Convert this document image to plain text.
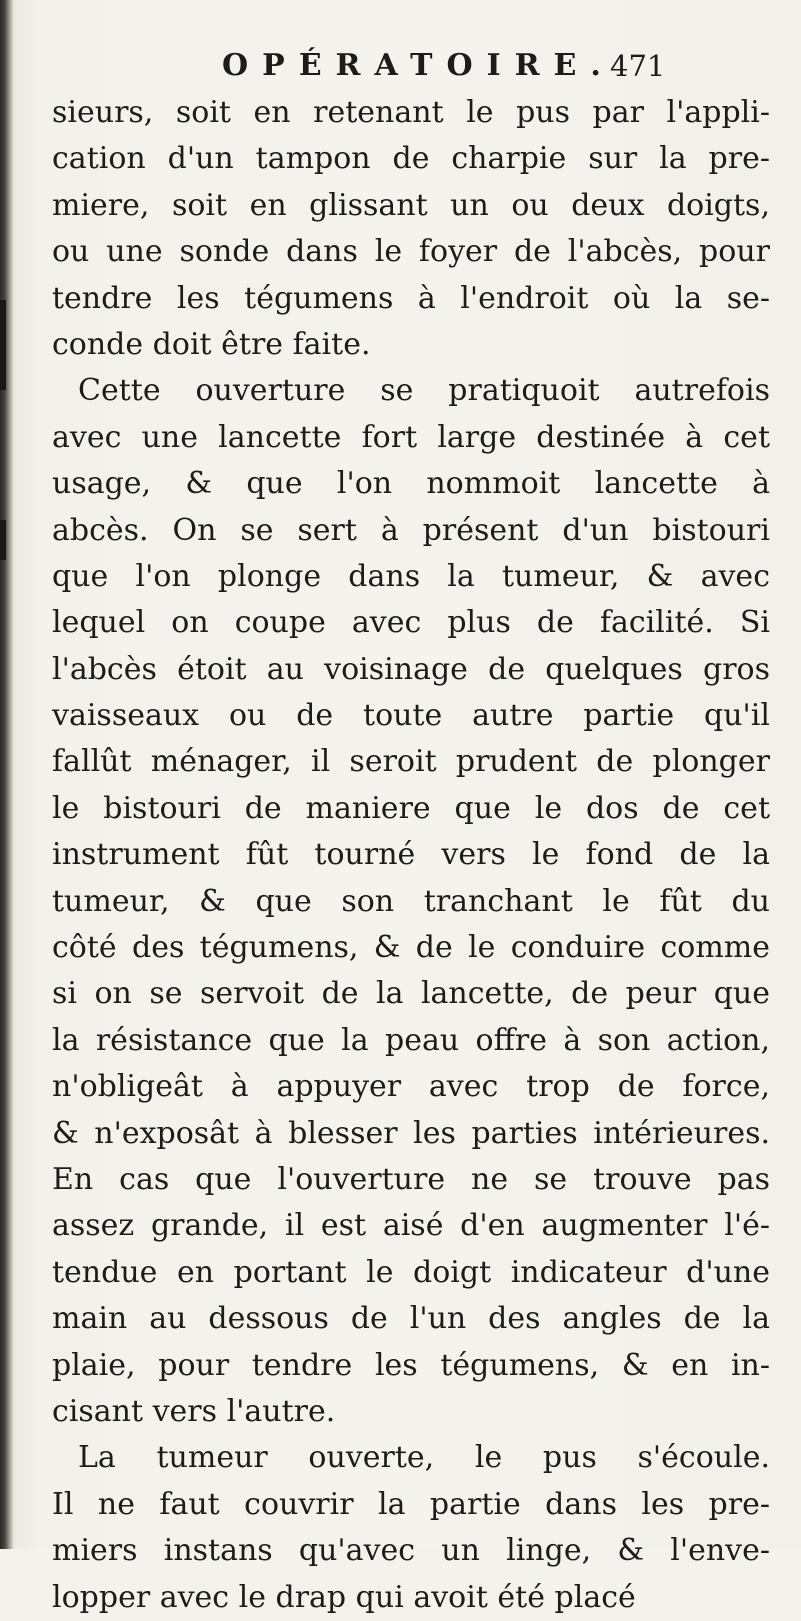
OPÉRATOIRE.
471
sieurs, soit en retenant le pus par l'appli-
cation d'un tampon de charpie sur la pre-
miere, soit en glissant un ou deux doigts,
ou une sonde dans le foyer de l'abcès, pour
tendre les tégumens à l'endroit où la se-
conde doit être faite.
Cette ouverture se pratiquoit autrefois
avec une lancette fort large destinée à cet
usage, & que l'on nommoit lancette à
abcès. On se sert à présent d'un bistouri
que l'on plonge dans la tumeur, & avec
lequel on coupe avec plus de facilité. Si
l'abcès étoit au voisinage de quelques gros
vaisseaux ou de toute autre partie qu'il
fallût ménager, il seroit prudent de plonger
le bistouri de maniere que le dos de cet
instrument fût tourné vers le fond de la
tumeur, & que son tranchant le fût du
côté des tégumens, & de le conduire comme
si on se servoit de la lancette, de peur que
la résistance que la peau offre à son action,
n'obligeât à appuyer avec trop de force,
& n'exposât à blesser les parties intérieures.
En cas que l'ouverture ne se trouve pas
assez grande, il est aisé d'en augmenter l'é-
tendue en portant le doigt indicateur d'une
main au dessous de l'un des angles de la
plaie, pour tendre les tégumens, & en in-
cisant vers l'autre.
La tumeur ouverte, le pus s'écoule.
Il ne faut couvrir la partie dans les pre-
miers instans qu'avec un linge, & l'enve-
lopper avec le drap qui avoit été placé
